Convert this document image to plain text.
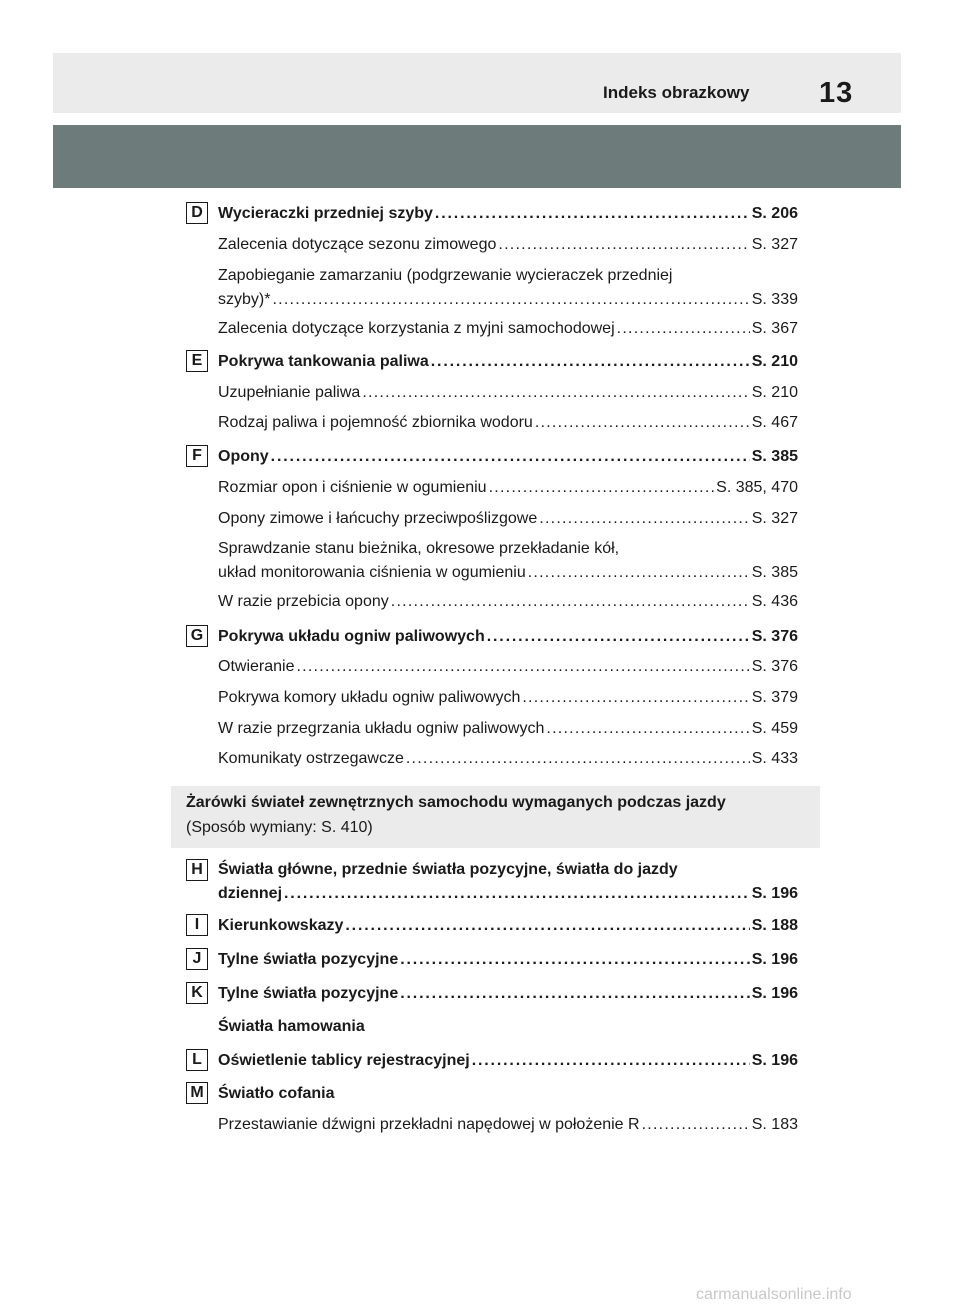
Indeks obrazkowy 13
D Wycieraczki przedniej szyby . . .	S. 206
Zalecenia dotyczące sezonu zimowego . . .	S. 327
Zapobieganie zamarzaniu (podgrzewanie wycieraczek przedniej
szyby)* . . .	S. 339
Zalecenia dotyczące korzystania z myjni samochodowej . . .	S. 367
E Pokrywa tankowania paliwa . . .	S. 210
Uzupełnianie paliwa . . .	S. 210
Rodzaj paliwa i pojemność zbiornika wodoru . . .	S. 467
F	Opony . . .	S. 385
Rozmiar opon i ciśnienie w ogumieniu . . .	S. 385, 470
Opony zimowe i łańcuchy przeciwpoślizgowe . . .	S. 327
Sprawdzanie stanu bieżnika, okresowe przekładanie kół,
układ monitorowania ciśnienia w ogumieniu . . .	S. 385
W razie przebicia opony . . .	S. 436
G Pokrywa układu ogniw paliwowych . . .	S. 376
Otwieranie . . .	S. 376
Pokrywa komory układu ogniw paliwowych . . .	S. 379
W razie przegrzania układu ogniw paliwowych . . .	S. 459
Komunikaty ostrzegawcze . . .	S. 433
Żarówki świateł zewnętrznych samochodu wymaganych podczas jazdy
(Sposób wymiany: S. 410)
H Światła główne, przednie światła pozycyjne, światła do jazdy
dziennej . . .	S. 196
I	Kierunkowskazy . . .	S. 188
J	Tylne światła pozycyjne . . .	S. 196
K Tylne światła pozycyjne . . .	S. 196
Światła hamowania
L	Oświetlenie tablicy rejestracyjnej . . .	S. 196
M Światło cofania
Przestawianie dźwigni przekładni napędowej w położenie R . . .	S. 183
carmanualsonline.info
